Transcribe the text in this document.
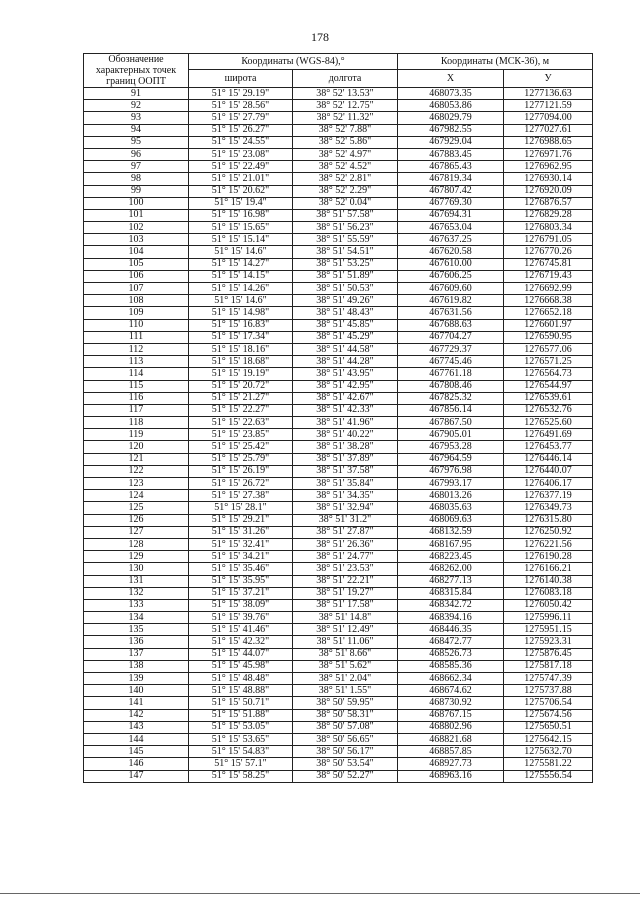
178
Обозначение характерных точек границ ООПТ	Координаты (WGS-84),°		Координаты (МСК-36), м	
	широта	долгота	X	У
91	51° 15' 29.19"	38° 52' 13.53"	468073.35	1277136.63
92	51° 15' 28.56"	38° 52' 12.75"	468053.86	1277121.59
93	51° 15' 27.79"	38° 52' 11.32"	468029.79	1277094.00
94	51° 15' 26.27"	38° 52' 7.88"	467982.55	1277027.61
95	51° 15' 24.55"	38° 52' 5.86"	467929.04	1276988.65
96	51° 15' 23.08"	38° 52' 4.97"	467883.45	1276971.76
97	51° 15' 22.49"	38° 52' 4.52"	467865.43	1276962.95
98	51° 15' 21.01"	38° 52' 2.81"	467819.34	1276930.14
99	51° 15' 20.62"	38° 52' 2.29"	467807.42	1276920.09
100	51° 15' 19.4"	38° 52' 0.04"	467769.30	1276876.57
101	51° 15' 16.98"	38° 51' 57.58"	467694.31	1276829.28
102	51° 15' 15.65"	38° 51' 56.23"	467653.04	1276803.34
103	51° 15' 15.14"	38° 51' 55.59"	467637.25	1276791.05
104	51° 15' 14.6"	38° 51' 54.51"	467620.58	1276770.26
105	51° 15' 14.27"	38° 51' 53.25"	467610.00	1276745.81
106	51° 15' 14.15"	38° 51' 51.89"	467606.25	1276719.43
107	51° 15' 14.26"	38° 51' 50.53"	467609.60	1276692.99
108	51° 15' 14.6"	38° 51' 49.26"	467619.82	1276668.38
109	51° 15' 14.98"	38° 51' 48.43"	467631.56	1276652.18
110	51° 15' 16.83"	38° 51' 45.85"	467688.63	1276601.97
111	51° 15' 17.34"	38° 51' 45.29"	467704.27	1276590.95
112	51° 15' 18.16"	38° 51' 44.58"	467729.37	1276577.06
113	51° 15' 18.68"	38° 51' 44.28"	467745.46	1276571.25
114	51° 15' 19.19"	38° 51' 43.95"	467761.18	1276564.73
115	51° 15' 20.72"	38° 51' 42.95"	467808.46	1276544.97
116	51° 15' 21.27"	38° 51' 42.67"	467825.32	1276539.61
117	51° 15' 22.27"	38° 51' 42.33"	467856.14	1276532.76
118	51° 15' 22.63"	38° 51' 41.96"	467867.50	1276525.60
119	51° 15' 23.85"	38° 51' 40.22"	467905.01	1276491.69
120	51° 15' 25.42"	38° 51' 38.28"	467953.28	1276453.77
121	51° 15' 25.79"	38° 51' 37.89"	467964.59	1276446.14
122	51° 15' 26.19"	38° 51' 37.58"	467976.98	1276440.07
123	51° 15' 26.72"	38° 51' 35.84"	467993.17	1276406.17
124	51° 15' 27.38"	38° 51' 34.35"	468013.26	1276377.19
125	51° 15' 28.1"	38° 51' 32.94"	468035.63	1276349.73
126	51° 15' 29.21"	38° 51' 31.2"	468069.63	1276315.80
127	51° 15' 31.26"	38° 51' 27.87"	468132.59	1276250.92
128	51° 15' 32.41"	38° 51' 26.36"	468167.95	1276221.56
129	51° 15' 34.21"	38° 51' 24.77"	468223.45	1276190.28
130	51° 15' 35.46"	38° 51' 23.53"	468262.00	1276166.21
131	51° 15' 35.95"	38° 51' 22.21"	468277.13	1276140.38
132	51° 15' 37.21"	38° 51' 19.27"	468315.84	1276083.18
133	51° 15' 38.09"	38° 51' 17.58"	468342.72	1276050.42
134	51° 15' 39.76"	38° 51' 14.8"	468394.16	1275996.11
135	51° 15' 41.46"	38° 51' 12.49"	468446.35	1275951.15
136	51° 15' 42.32"	38° 51' 11.06"	468472.77	1275923.31
137	51° 15' 44.07"	38° 51' 8.66"	468526.73	1275876.45
138	51° 15' 45.98"	38° 51' 5.62"	468585.36	1275817.18
139	51° 15' 48.48"	38° 51' 2.04"	468662.34	1275747.39
140	51° 15' 48.88"	38° 51' 1.55"	468674.62	1275737.88
141	51° 15' 50.71"	38° 50' 59.95"	468730.92	1275706.54
142	51° 15' 51.88"	38° 50' 58.31"	468767.15	1275674.56
143	51° 15' 53.05"	38° 50' 57.08"	468802.96	1275650.51
144	51° 15' 53.65"	38° 50' 56.65"	468821.68	1275642.15
145	51° 15' 54.83"	38° 50' 56.17"	468857.85	1275632.70
146	51° 15' 57.1"	38° 50' 53.54"	468927.73	1275581.22
147	51° 15' 58.25"	38° 50' 52.27"	468963.16	1275556.54
